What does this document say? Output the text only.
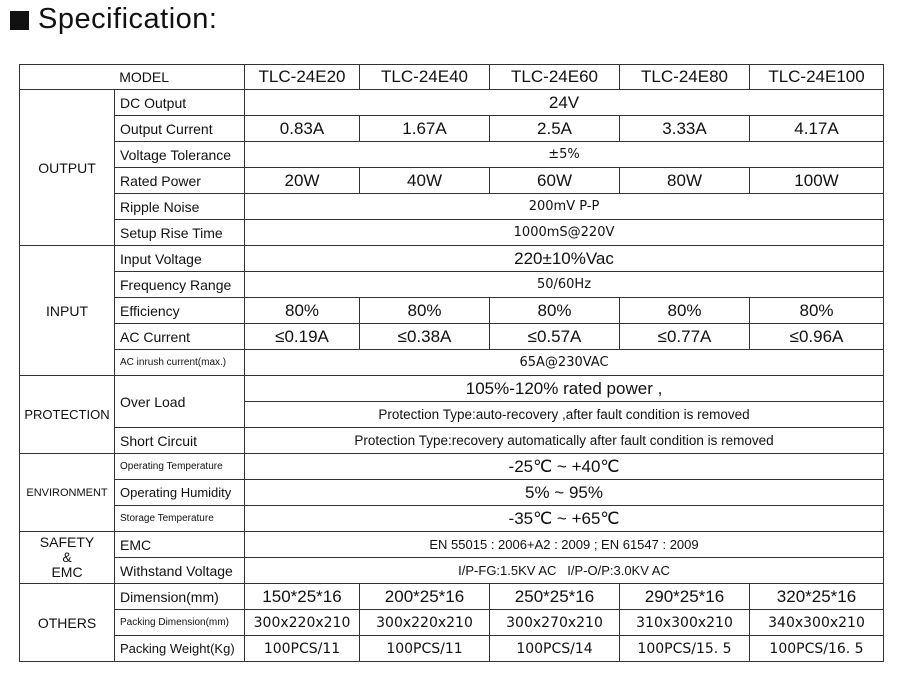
Specification:
MODEL		TLC-24E20	TLC-24E40	TLC-24E60	TLC-24E80	TLC-24E100
OUTPUT	DC Output	24V				
	Output Current	0.83A	1.67A	2.5A	3.33A	4.17A
	Voltage Tolerance	±5%				
	Rated Power	20W	40W	60W	80W	100W
	Ripple Noise	200mV P-P				
	Setup Rise Time	1000mS@220V				
INPUT	Input Voltage	220±10%Vac				
	Frequency Range	50/60Hz				
	Efficiency	80%	80%	80%	80%	80%
	AC Current	≤0.19A	≤0.38A	≤0.57A	≤0.77A	≤0.96A
	AC inrush current(max.)	65A@230VAC				
PROTECTION	Over Load	105%-120% rated power ,				
		Protection Type:auto-recovery ,after fault condition is removed				
	Short Circuit	Protection Type:recovery automatically after fault condition is removed				
ENVIRONMENT	Operating Temperature	-25℃ ~ +40℃				
	Operating Humidity	5% ~ 95%				
	Storage Temperature	-35℃ ~ +65℃				

SAFETY
&
EMC	EMC	EN 55015 : 2006+A2 : 2009 ; EN 61547 : 2009				
	Withstand Voltage	I/P-FG:1.5KV AC   I/P-O/P:3.0KV AC				
OTHERS	Dimension(mm)	150*25*16	200*25*16	250*25*16	290*25*16	320*25*16
	Packing Dimension(mm)	300x220x210	300x220x210	300x270x210	310x300x210	340x300x210
	Packing Weight(Kg)	100PCS/11	100PCS/11	100PCS/14	100PCS/15. 5	100PCS/16. 5
